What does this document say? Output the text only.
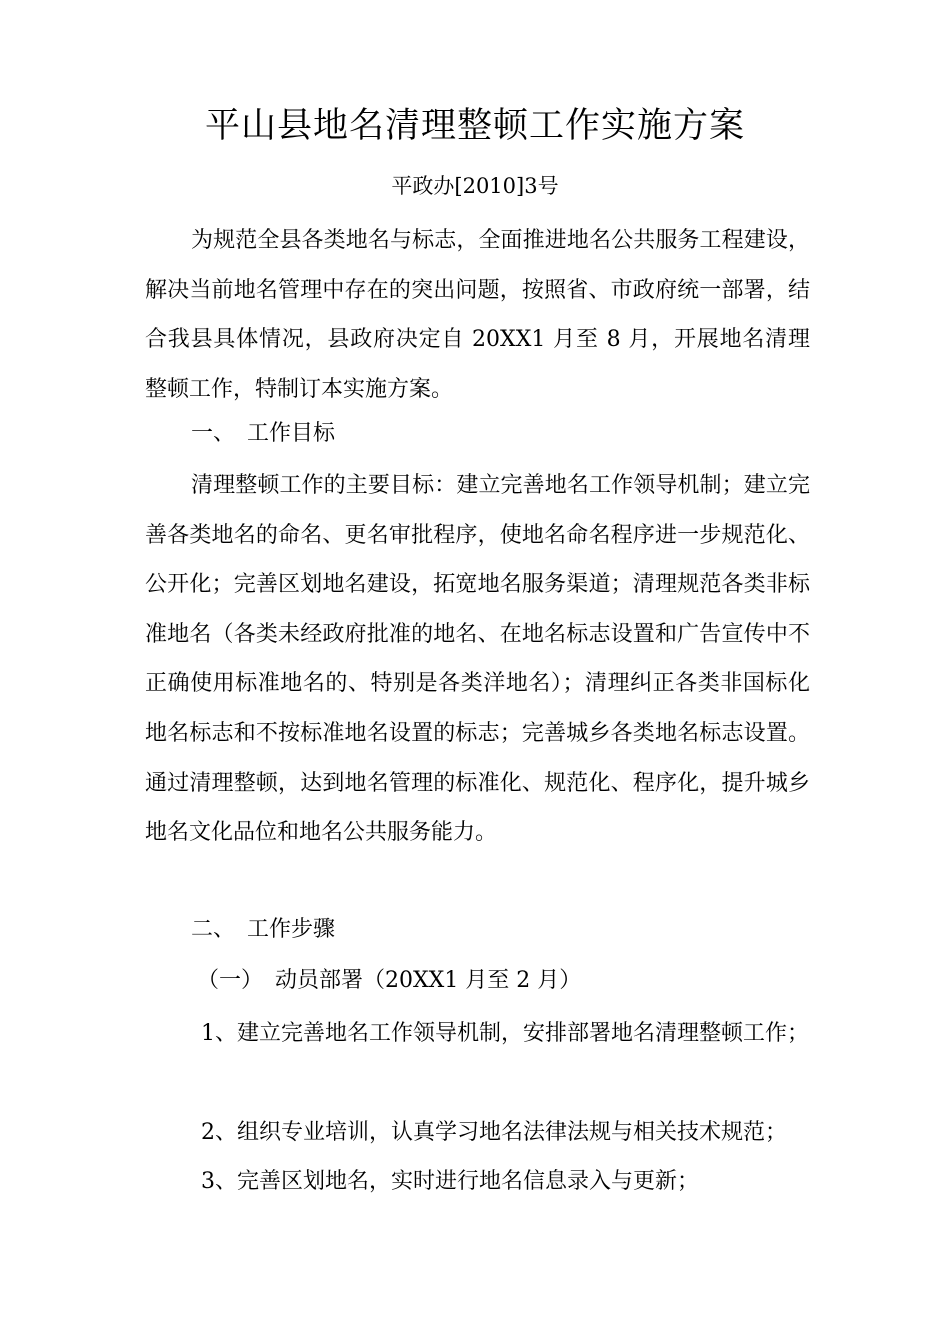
平山县地名清理整顿工作实施方案
平政办[2010]3号

为规范全县各类地名与标志，全面推进地名公共服务工程建设，解决当前地名管理中存在的突出问题，按照省、市政府统一部署，结合我县具体情况，县政府决定自 20XX1 月至 8 月，开展地名清理整顿工作，特制订本实施方案。

一、 工作目标

清理整顿工作的主要目标：建立完善地名工作领导机制；建立完善各类地名的命名、更名审批程序，使地名命名程序进一步规范化、公开化；完善区划地名建设，拓宽地名服务渠道；清理规范各类非标准地名（各类未经政府批准的地名、在地名标志设置和广告宣传中不正确使用标准地名的、特别是各类洋地名）；清理纠正各类非国标化地名标志和不按标准地名设置的标志；完善城乡各类地名标志设置。通过清理整顿，达到地名管理的标准化、规范化、程序化，提升城乡地名文化品位和地名公共服务能力。

二、 工作步骤

（一） 动员部署（20XX1 月至 2 月）

1、建立完善地名工作领导机制，安排部署地名清理整顿工作；

2、组织专业培训，认真学习地名法律法规与相关技术规范；

3、完善区划地名，实时进行地名信息录入与更新；
